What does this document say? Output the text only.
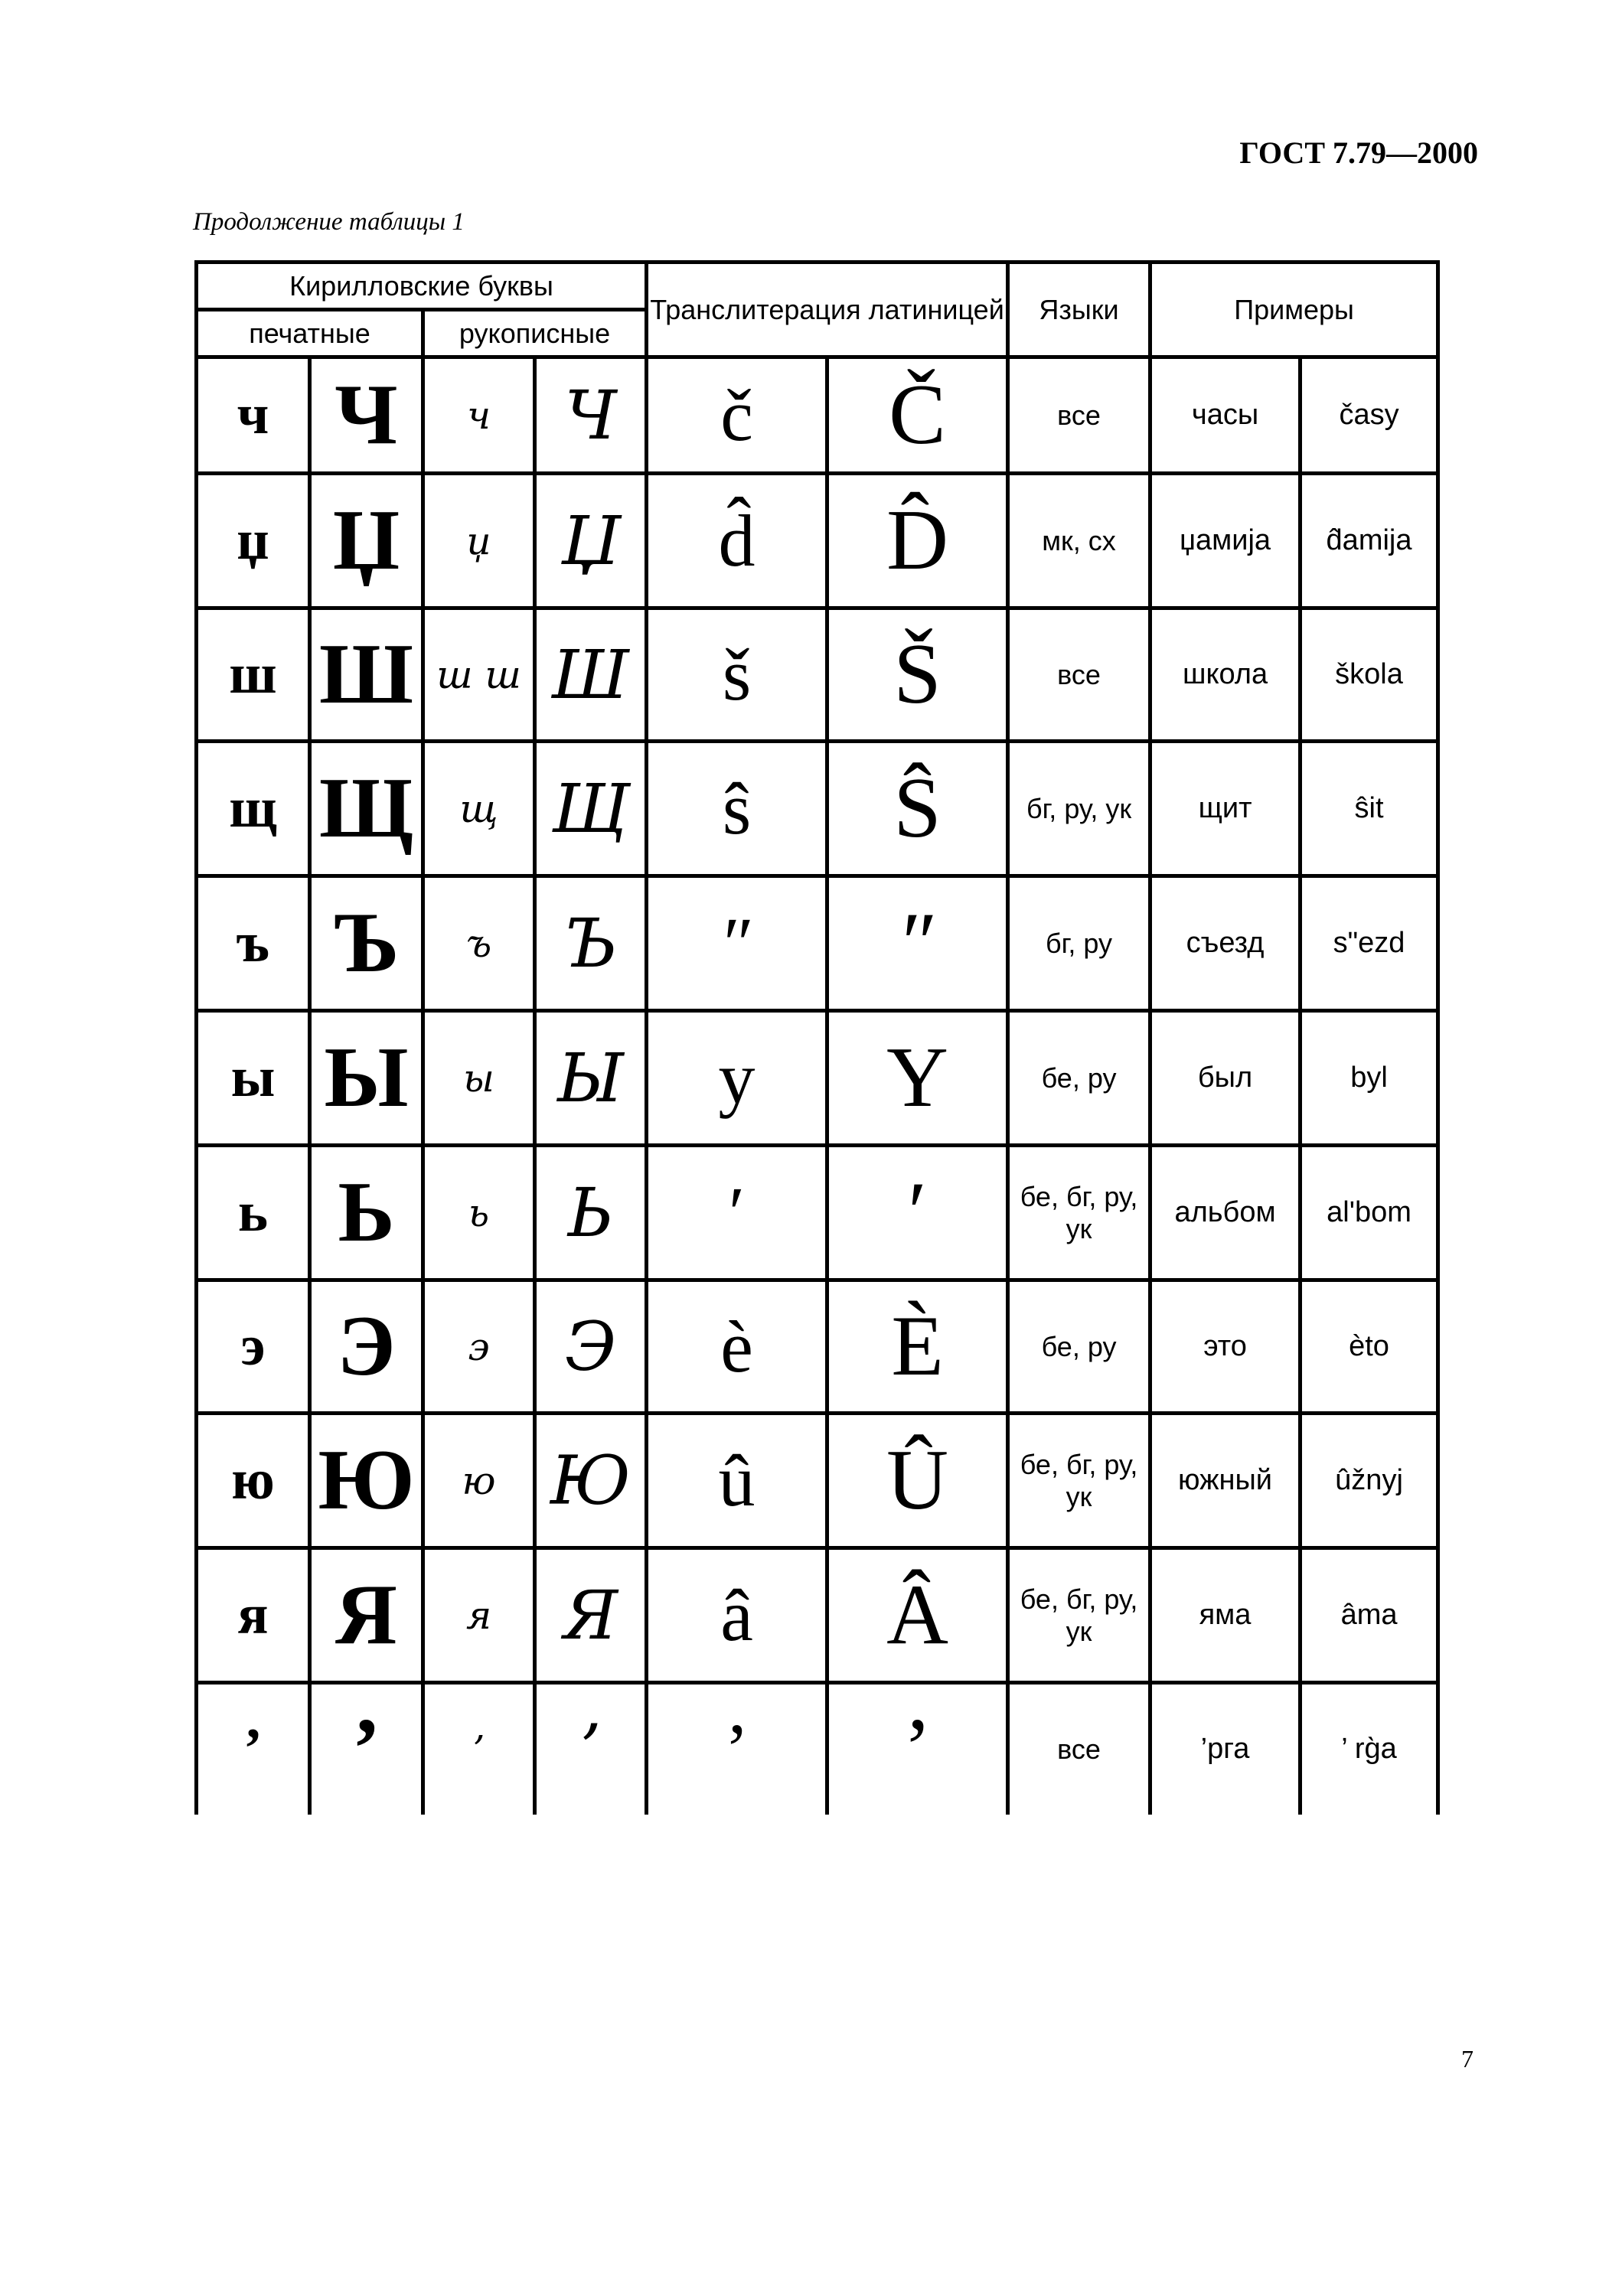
ГОСТ 7.79—2000
Продолжение таблицы 1
Кирилловские буквы				Транслитерация латиницей		Языки	Примеры	
печатные		рукописные						
ч	Ч	ч	Ч	č	Č	все	часы	časy
џ	Џ	џ	Џ	d̂	D̂	мк, сх	џамија	d̂amija
ш	Ш	ш ш	Ш	š	Š	все	школа	škola
щ	Щ	щ	Щ	ŝ	Ŝ	бг, ру, ук	щит	ŝit
ъ	Ъ	ъ	Ъ	ʺ	ʺ	бг, ру	съезд	sʺezd
ы	Ы	ы	Ы	y	Y	бе, ру	был	byl
ь	Ь	ь	Ь	ʹ	ʹ	бе, бг, ру, ук	альбом	alʹbom
э	Э	э	Э	è	È	бе, ру	это	èto
ю	Ю	ю	Ю	û	Û	бе, бг, ру, ук	южный	ûžnyj
я	Я	я	Я	â	Â	бе, бг, ру, ук	яма	âma
’	’	’	’	’	’	все	’рга	’ rg̀a
7
